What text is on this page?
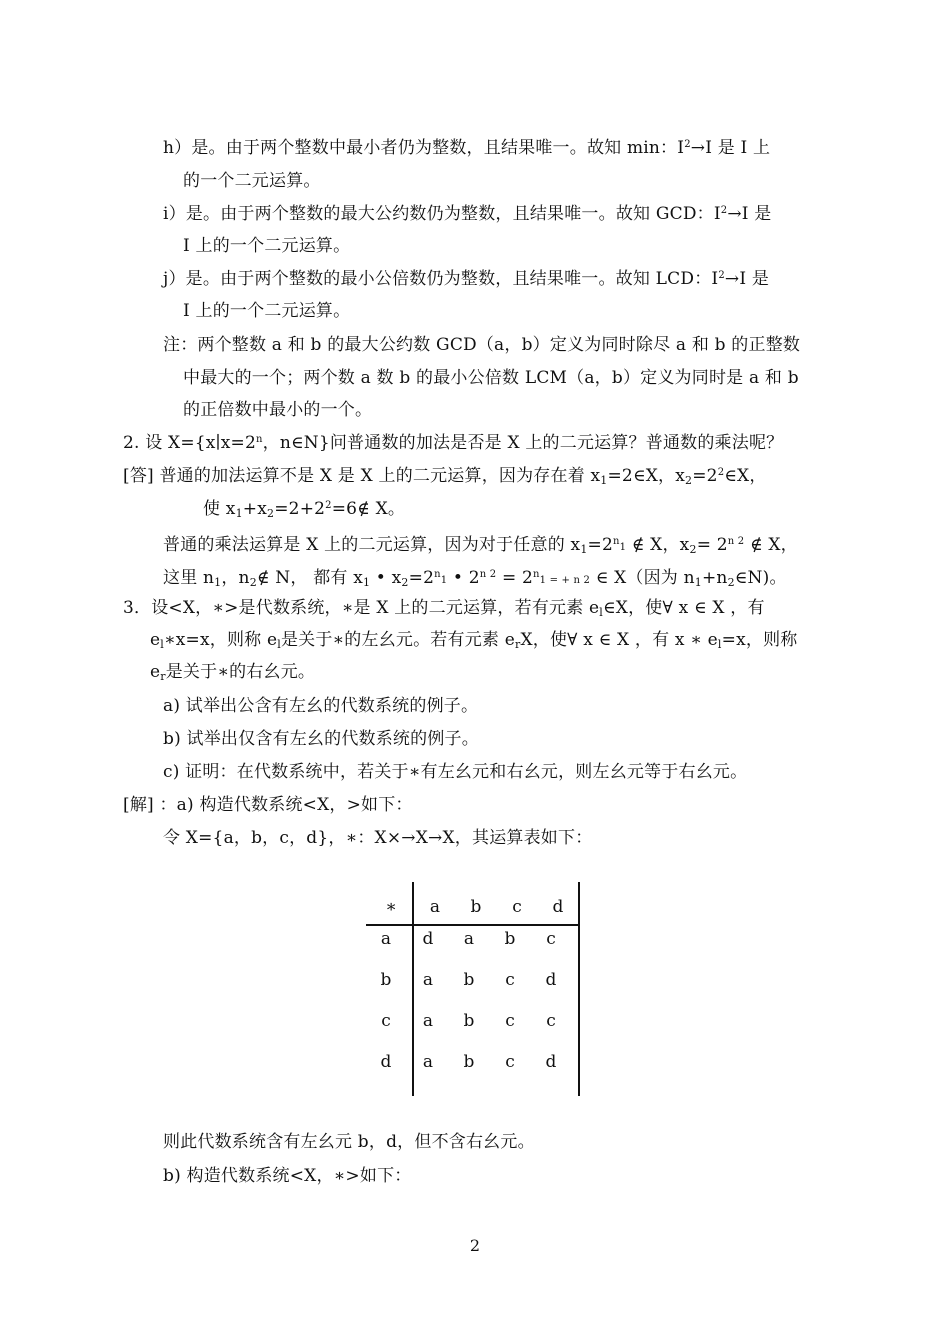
h）是。由于两个整数中最小者仍为整数，且结果唯一。故知 min：$I^2\to I$ 是 I 上
的一个二元运算。
i）是。由于两个整数的最大公约数仍为整数，且结果唯一。故知 GCD：$I^2\to I$ 是
I 上的一个二元运算。
j）是。由于两个整数的最小公倍数仍为整数，且结果唯一。故知 LCD：$I^2\to I$ 是
I 上的一个二元运算。
注：两个整数 a 和 b 的最大公约数 GCD（a，b）定义为同时除尽 a 和 b 的正整数
中最大的一个；两个数 a 数 b 的最小公倍数 LCM（a，b）定义为同时是 a 和 b
的正倍数中最小的一个。
2. 设 $X=\{x∣x=2^n$，n∈N}问普通数的加法是否是 X 上的二元运算？普通数的乘法呢？
[答] 普通的加法运算不是 X 是 X 上的二元运算，因为存在着 $x_1=2\in X$，$x_2=2^2\in X$，
使 $x_1+x_2=2+2^2=6\notin$ X。
普通的乘法运算是 X 上的二元运算，因为对于任意的 $x_1=2^n1$ ∉ X，$x_2= 2^{n 2}$ ∉ X，
这里 $n_1$，$n_2\notin$ N， 都有 $x_1$ • $x_2=2^n1$ • $2^{n 2} = 2^n1$ = + n 2 ∈ X（因为 $n_1+n_2\in N$)。
3．设<X，∗>是代数系统，∗是 X 上的二元运算，若有元素 $e_l\in X$，使∀ x ∈ X ，有
$e_l∗x=x$，则称 $e_l$是关于∗的左幺元。若有元素 $e_rX$，使∀ x ∈ X ，有 x ∗ $e_l=x$，则称
$e_r$是关于∗的右幺元。
a) 试举出公含有左幺的代数系统的例子。
b) 试举出仅含有左幺的代数系统的例子。
c) 证明：在代数系统中，若关于∗有左幺元和右幺元，则左幺元等于右幺元。
[解] ：a) 构造代数系统<X，>如下：
令 X={a，b，c，d}，∗：X×→X→X，其运算表如下：
∗	a	b	c	d
a	d	a	b	c
b	a	b	c	d
c	a	b	c	c
d	a	b	c	d
则此代数系统含有左幺元 b，d，但不含右幺元。
b) 构造代数系统<X，∗>如下：
2
